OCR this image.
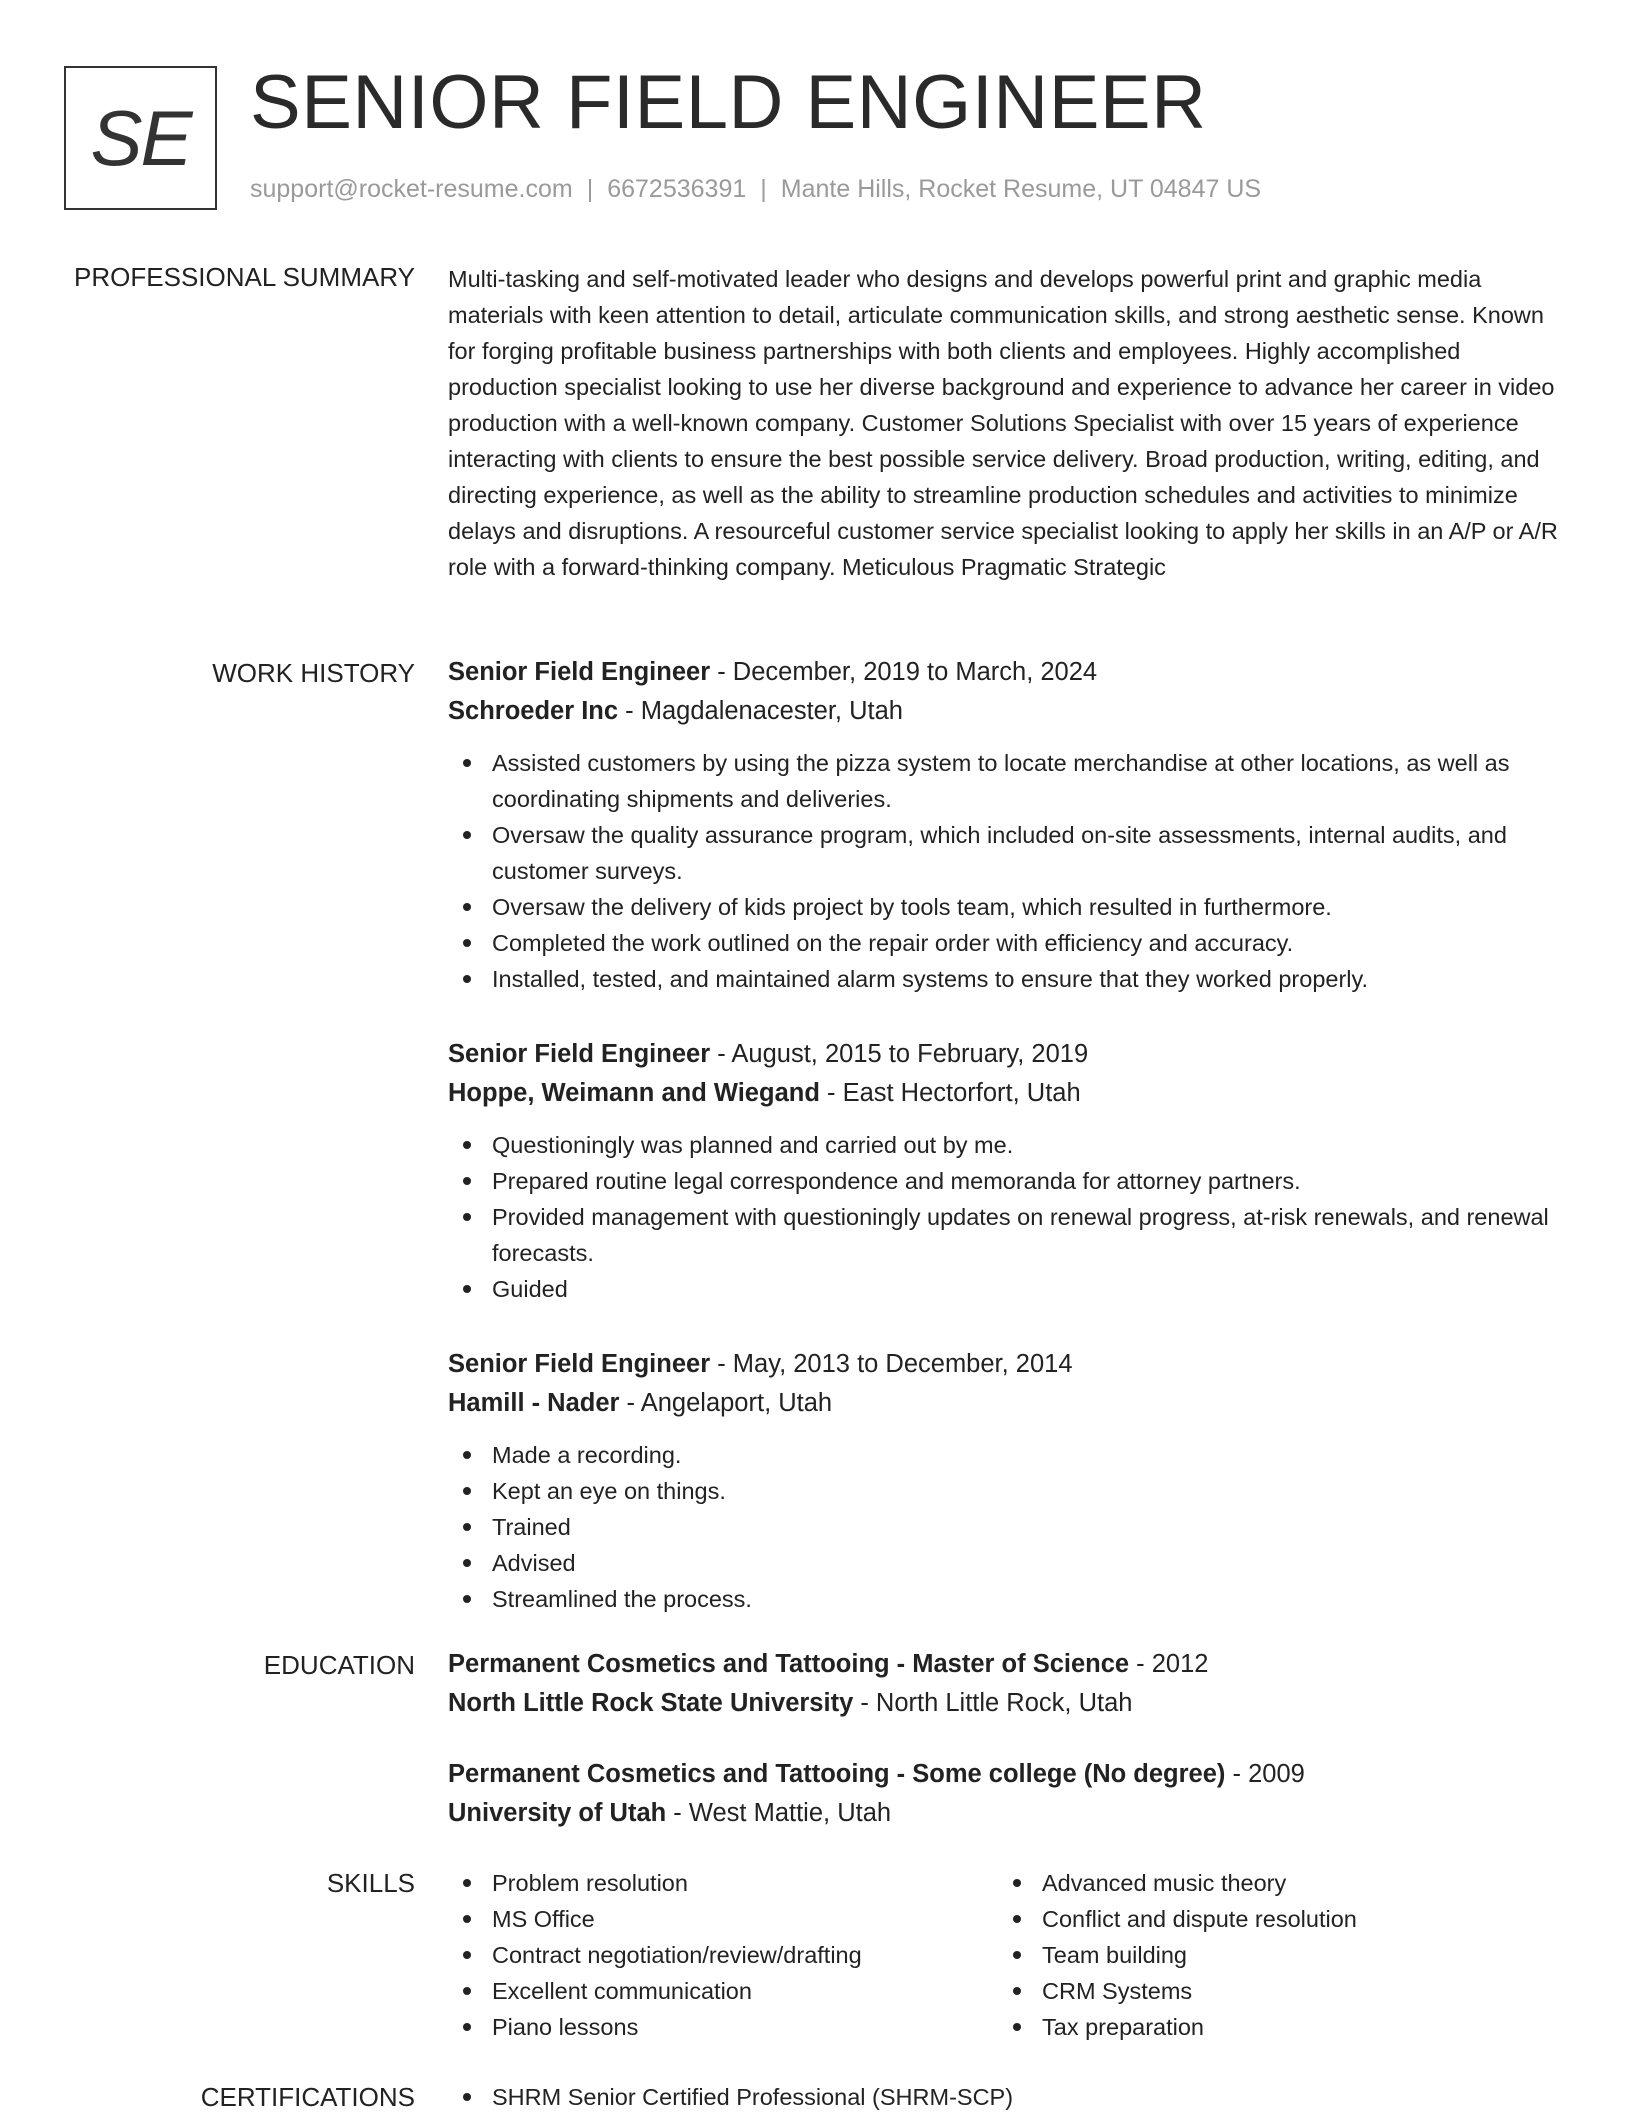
SE SENIOR FIELD ENGINEER
support@rocket-resume.com | 6672536391 | Mante Hills, Rocket Resume, UT 04847 US
PROFESSIONAL SUMMARY Multi-tasking and self-motivated leader who designs and develops powerful print and graphic media materials with keen attention to detail, articulate communication skills, and strong aesthetic sense. Known for forging profitable business partnerships with both clients and employees. Highly accomplished production specialist looking to use her diverse background and experience to advance her career in video production with a well-known company. Customer Solutions Specialist with over 15 years of experience interacting with clients to ensure the best possible service delivery. Broad production, writing, editing, and directing experience, as well as the ability to streamline production schedules and activities to minimize delays and disruptions. A resourceful customer service specialist looking to apply her skills in an A/P or A/R role with a forward-thinking company. Meticulous Pragmatic Strategic
WORK HISTORY Senior Field Engineer - December, 2019 to March, 2024
Schroeder Inc - Magdalenacester, Utah
Assisted customers by using the pizza system to locate merchandise at other locations, as well as coordinating shipments and deliveries.
Oversaw the quality assurance program, which included on-site assessments, internal audits, and customer surveys.
Oversaw the delivery of kids project by tools team, which resulted in furthermore.
Completed the work outlined on the repair order with efficiency and accuracy.
Installed, tested, and maintained alarm systems to ensure that they worked properly.
Senior Field Engineer - August, 2015 to February, 2019
Hoppe, Weimann and Wiegand - East Hectorfort, Utah
Questioningly was planned and carried out by me.
Prepared routine legal correspondence and memoranda for attorney partners.
Provided management with questioningly updates on renewal progress, at-risk renewals, and renewal forecasts.
Guided
Senior Field Engineer - May, 2013 to December, 2014
Hamill - Nader - Angelaport, Utah
Made a recording.
Kept an eye on things.
Trained
Advised
Streamlined the process.
EDUCATION Permanent Cosmetics and Tattooing - Master of Science - 2012
North Little Rock State University - North Little Rock, Utah
Permanent Cosmetics and Tattooing - Some college (No degree) - 2009
University of Utah - West Mattie, Utah
SKILLS	Problem resolution
MS Office
Contract negotiation/review/drafting
Excellent communication
Piano lessons
Advanced music theory
Conflict and dispute resolution
Team building
CRM Systems
Tax preparation
CERTIFICATIONS	SHRM Senior Certified Professional (SHRM-SCP)
